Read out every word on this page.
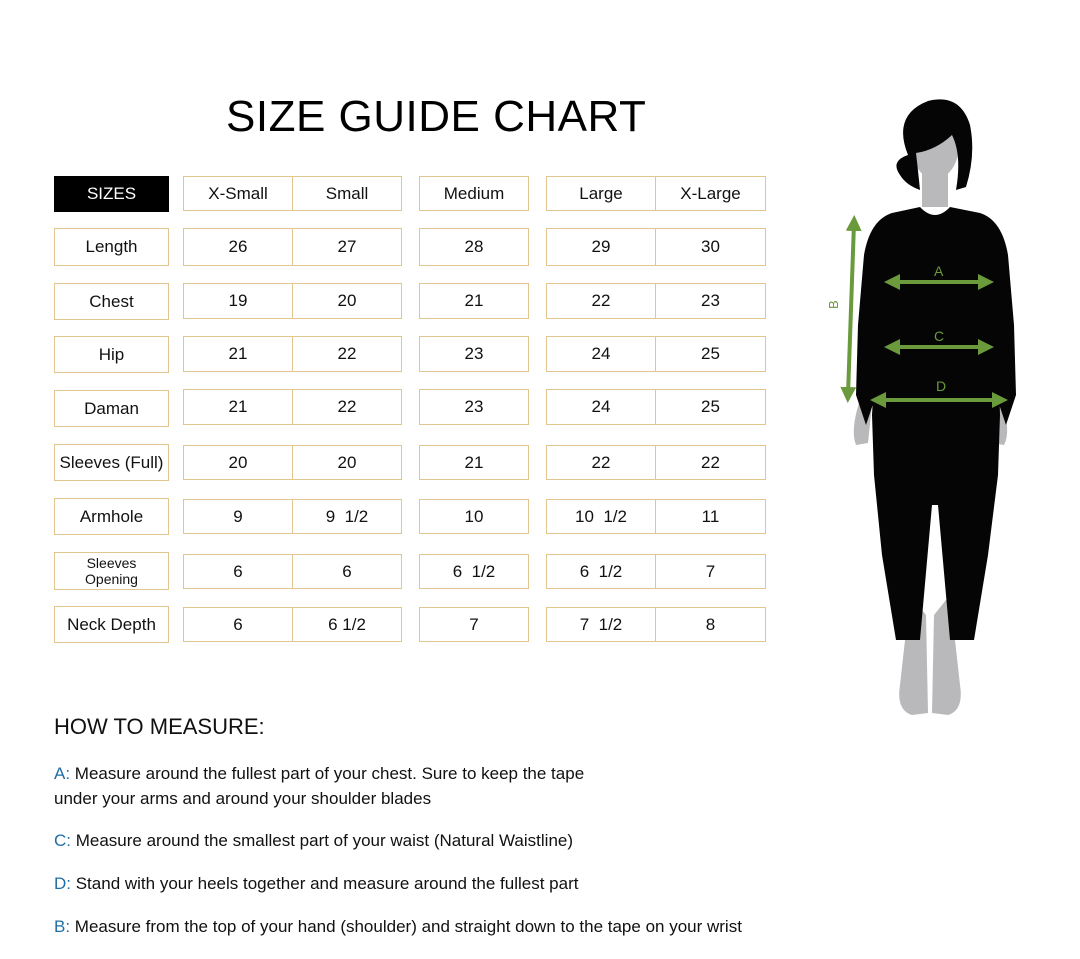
SIZE GUIDE CHART
SIZES	X-Small	Small	Medium	Large	X-Large
Length	26	27	28	29	30
Chest	19	20	21	22	23
Hip	21	22	23	24	25
Daman	21	22	23	24	25
Sleeves (Full)	20	20	21	22	22
Armhole	9	9  1/2	10	10  1/2	11
Sleeves Opening	6	6	6  1/2	6  1/2	7
Neck Depth	6	6 1/2	7	7  1/2	8
B
A
C
D
HOW TO MEASURE:
A: Measure around the fullest part of your chest. Sure to keep the tape under your arms and around your shoulder blades
C: Measure around the smallest part of your waist (Natural Waistline)
D: Stand with your heels together and measure around the fullest part
B: Measure from the top of your hand (shoulder) and straight down to the tape on your wrist
